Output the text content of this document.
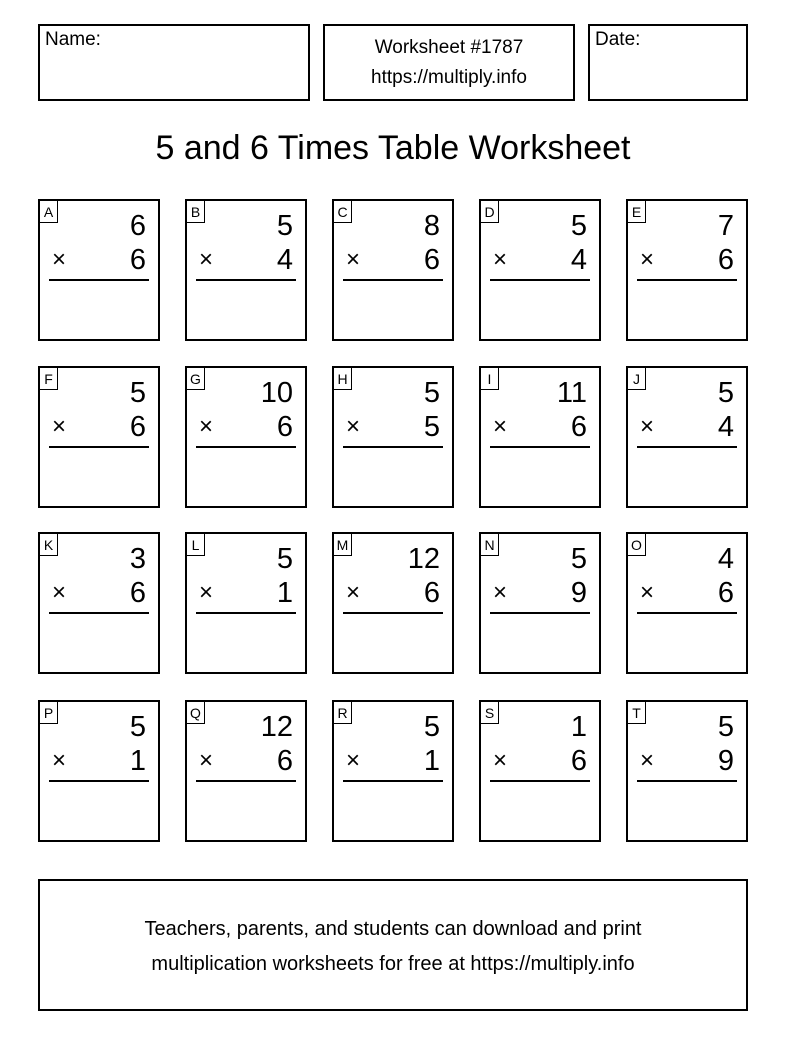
Name:	Worksheet #1787
https://multiply.info
Date:
5 and 6 Times Table Worksheet
A	6
× 6
B	5
× 4
C	8
× 6
D	5
× 4
E	7
× 6
F	5
× 6
G 10
× 6
H	5
× 5
I 11
× 6
J	5
× 4
K	3
× 6
L	5
× 1
M 12
× 6
N	5
× 9
O	4
× 6
P	5
× 1
Q 12
× 6
R	5
× 1
S	1
× 6
T	5
× 9
Teachers, parents, and students can download and print
multiplication worksheets for free at https://multiply.info
